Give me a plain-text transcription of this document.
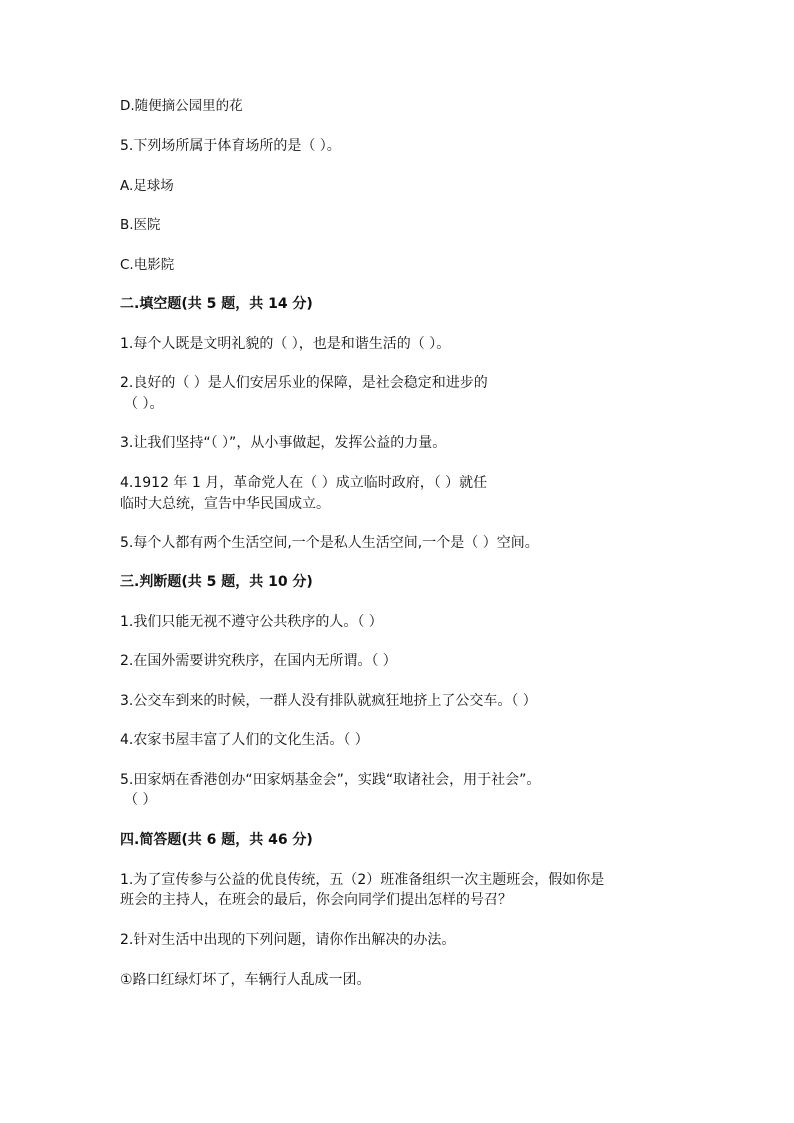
D.随便摘公园里的花
5.下列场所属于体育场所的是（ ）。
A.足球场
B.医院
C.电影院
二.填空题(共 5 题，共 14 分)
1.每个人既是文明礼貌的（ ），也是和谐生活的（ ）。
2.良好的（ ）是人们安居乐业的保障，是社会稳定和进步的
（ ）。
3.让我们坚持“（ ）”，从小事做起，发挥公益的力量。
4.1912 年 1 月，革命党人在（ ）成立临时政府，（ ）就任
临时大总统，宣告中华民国成立。
5.每个人都有两个生活空间,一个是私人生活空间,一个是（ ）空间。
三.判断题(共 5 题，共 10 分)
1.我们只能无视不遵守公共秩序的人。（ ）
2.在国外需要讲究秩序，在国内无所谓。（ ）
3.公交车到来的时候，一群人没有排队就疯狂地挤上了公交车。（ ）
4.农家书屋丰富了人们的文化生活。（ ）
5.田家炳在香港创办“田家炳基金会”，实践“取诸社会，用于社会”。
（ ）
四.简答题(共 6 题，共 46 分)
1.为了宣传参与公益的优良传统，五（2）班准备组织一次主题班会，假如你是
班会的主持人，在班会的最后，你会向同学们提出怎样的号召？
2.针对生活中出现的下列问题，请你作出解决的办法。
①路口红绿灯坏了，车辆行人乱成一团。
